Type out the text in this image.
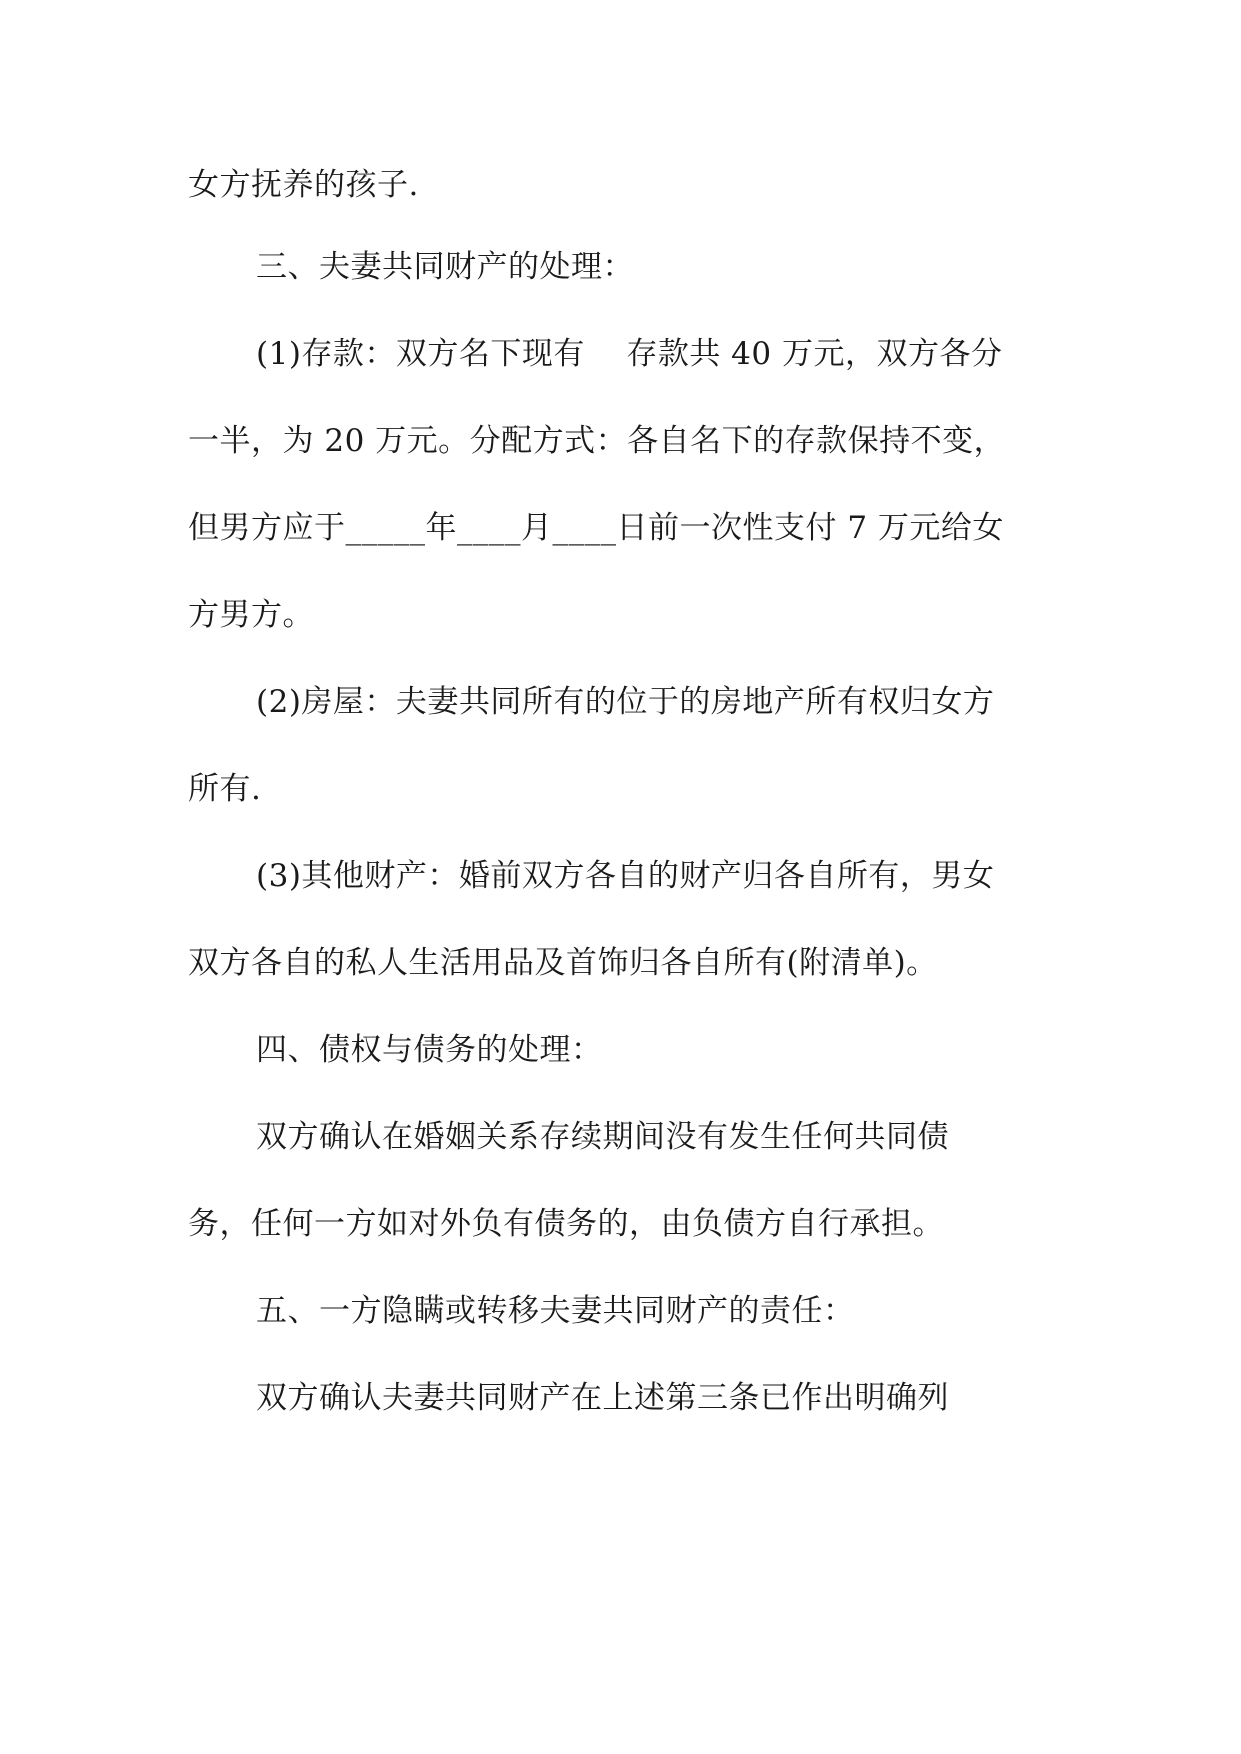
女方抚养的孩子.
三、夫妻共同财产的处理：
(1)存款：双方名下现有    存款共 40 万元，双方各分
一半，为 20 万元。分配方式：各自名下的存款保持不变，
但男方应于_____年____月____日前一次性支付 7 万元给女
方男方。
(2)房屋：夫妻共同所有的位于的房地产所有权归女方
所有.
(3)其他财产：婚前双方各自的财产归各自所有，男女
双方各自的私人生活用品及首饰归各自所有(附清单)。
四、债权与债务的处理：
双方确认在婚姻关系存续期间没有发生任何共同债
务，任何一方如对外负有债务的，由负债方自行承担。
五、一方隐瞒或转移夫妻共同财产的责任：
双方确认夫妻共同财产在上述第三条已作出明确列
